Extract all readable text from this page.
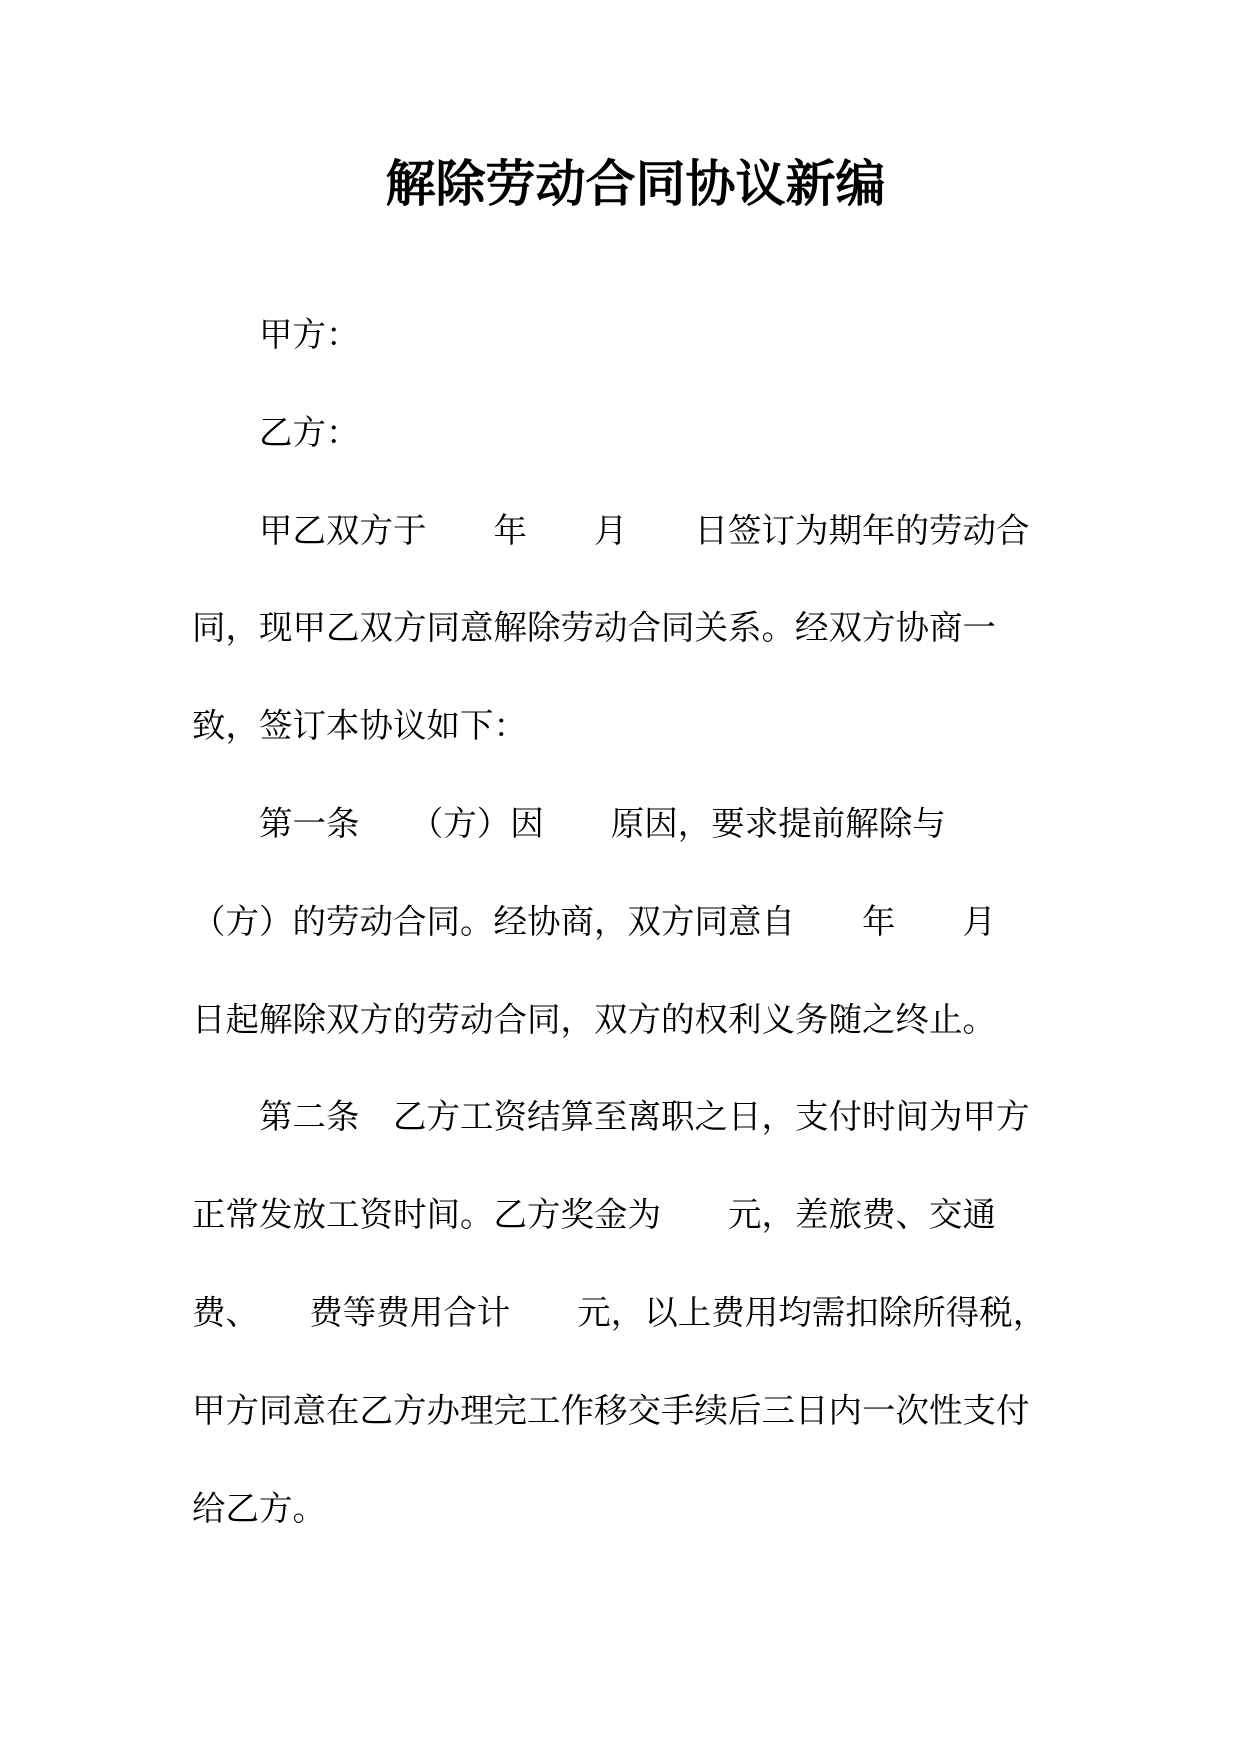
解除劳动合同协议新编
甲方：
乙方：
甲乙双方于　　年　　月　　日签订为期年的劳动合
同，现甲乙双方同意解除劳动合同关系。经双方协商一
致，签订本协议如下：
第一条　　（方）因　　原因，要求提前解除与
（方）的劳动合同。经协商，双方同意自　　年　　月
日起解除双方的劳动合同，双方的权利义务随之终止。
第二条　乙方工资结算至离职之日，支付时间为甲方
正常发放工资时间。乙方奖金为　　元，差旅费、交通
费、　　费等费用合计　　元，以上费用均需扣除所得税，
甲方同意在乙方办理完工作移交手续后三日内一次性支付
给乙方。
